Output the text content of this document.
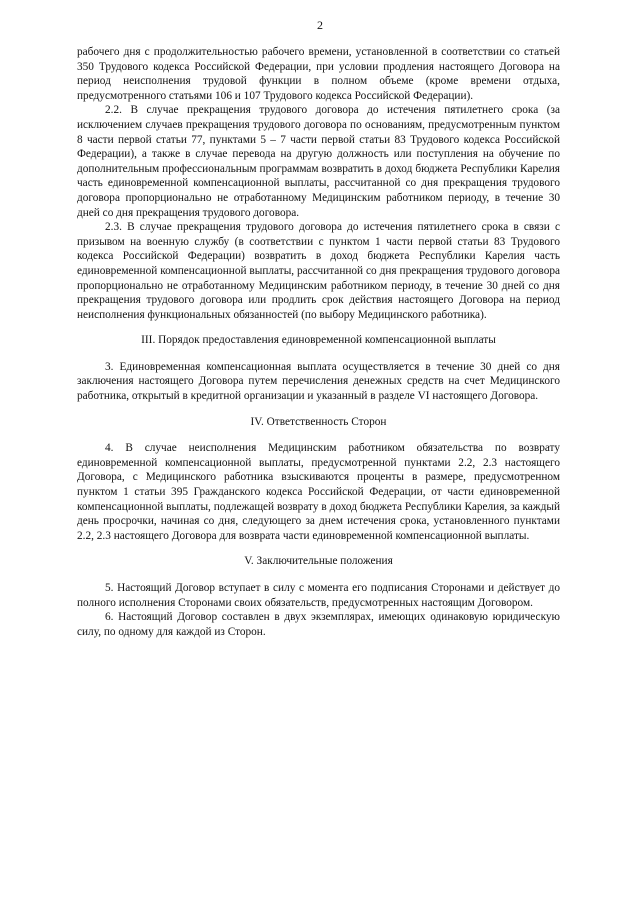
2

рабочего дня с продолжительностью рабочего времени, установленной в соответствии со статьей 350 Трудового кодекса Российской Федерации, при условии продления настоящего Договора на период неисполнения трудовой функции в полном объеме (кроме времени отдыха, предусмотренного статьями 106 и 107 Трудового кодекса Российской Федерации).

2.2. В случае прекращения трудового договора до истечения пятилетнего срока (за исключением случаев прекращения трудового договора по основаниям, предусмотренным пунктом 8 части первой статьи 77, пунктами 5 – 7 части первой статьи 83 Трудового кодекса Российской Федерации), а также в случае перевода на другую должность или поступления на обучение по дополнительным профессиональным программам возвратить в доход бюджета Республики Карелия часть единовременной компенсационной выплаты, рассчитанной со дня прекращения трудового договора пропорционально не отработанному Медицинским работником периоду, в течение 30 дней со дня прекращения трудового договора.

2.3. В случае прекращения трудового договора до истечения пятилетнего срока в связи с призывом на военную службу (в соответствии с пунктом 1 части первой статьи 83 Трудового кодекса Российской Федерации) возвратить в доход бюджета Республики Карелия часть единовременной компенсационной выплаты, рассчитанной со дня прекращения трудового договора пропорционально не отработанному Медицинским работником периоду, в течение 30 дней со дня прекращения трудового договора или продлить срок действия настоящего Договора на период неисполнения функциональных обязанностей (по выбору Медицинского работника).

III. Порядок предоставления единовременной компенсационной выплаты

3. Единовременная компенсационная выплата осуществляется в течение 30 дней со дня заключения настоящего Договора путем перечисления денежных средств на счет Медицинского работника, открытый в кредитной организации и указанный в разделе VI настоящего Договора.

IV. Ответственность Сторон

4. В случае неисполнения Медицинским работником обязательства по возврату единовременной компенсационной выплаты, предусмотренной пунктами 2.2, 2.3 настоящего Договора, с Медицинского работника взыскиваются проценты в размере, предусмотренном пунктом 1 статьи 395 Гражданского кодекса Российской Федерации, от части единовременной компенсационной выплаты, подлежащей возврату в доход бюджета Республики Карелия, за каждый день просрочки, начиная со дня, следующего за днем истечения срока, установленного пунктами 2.2, 2.3 настоящего Договора для возврата части единовременной компенсационной выплаты.

V. Заключительные положения

5. Настоящий Договор вступает в силу с момента его подписания Сторонами и действует до полного исполнения Сторонами своих обязательств, предусмотренных настоящим Договором.

6. Настоящий Договор составлен в двух экземплярах, имеющих одинаковую юридическую силу, по одному для каждой из Сторон.
